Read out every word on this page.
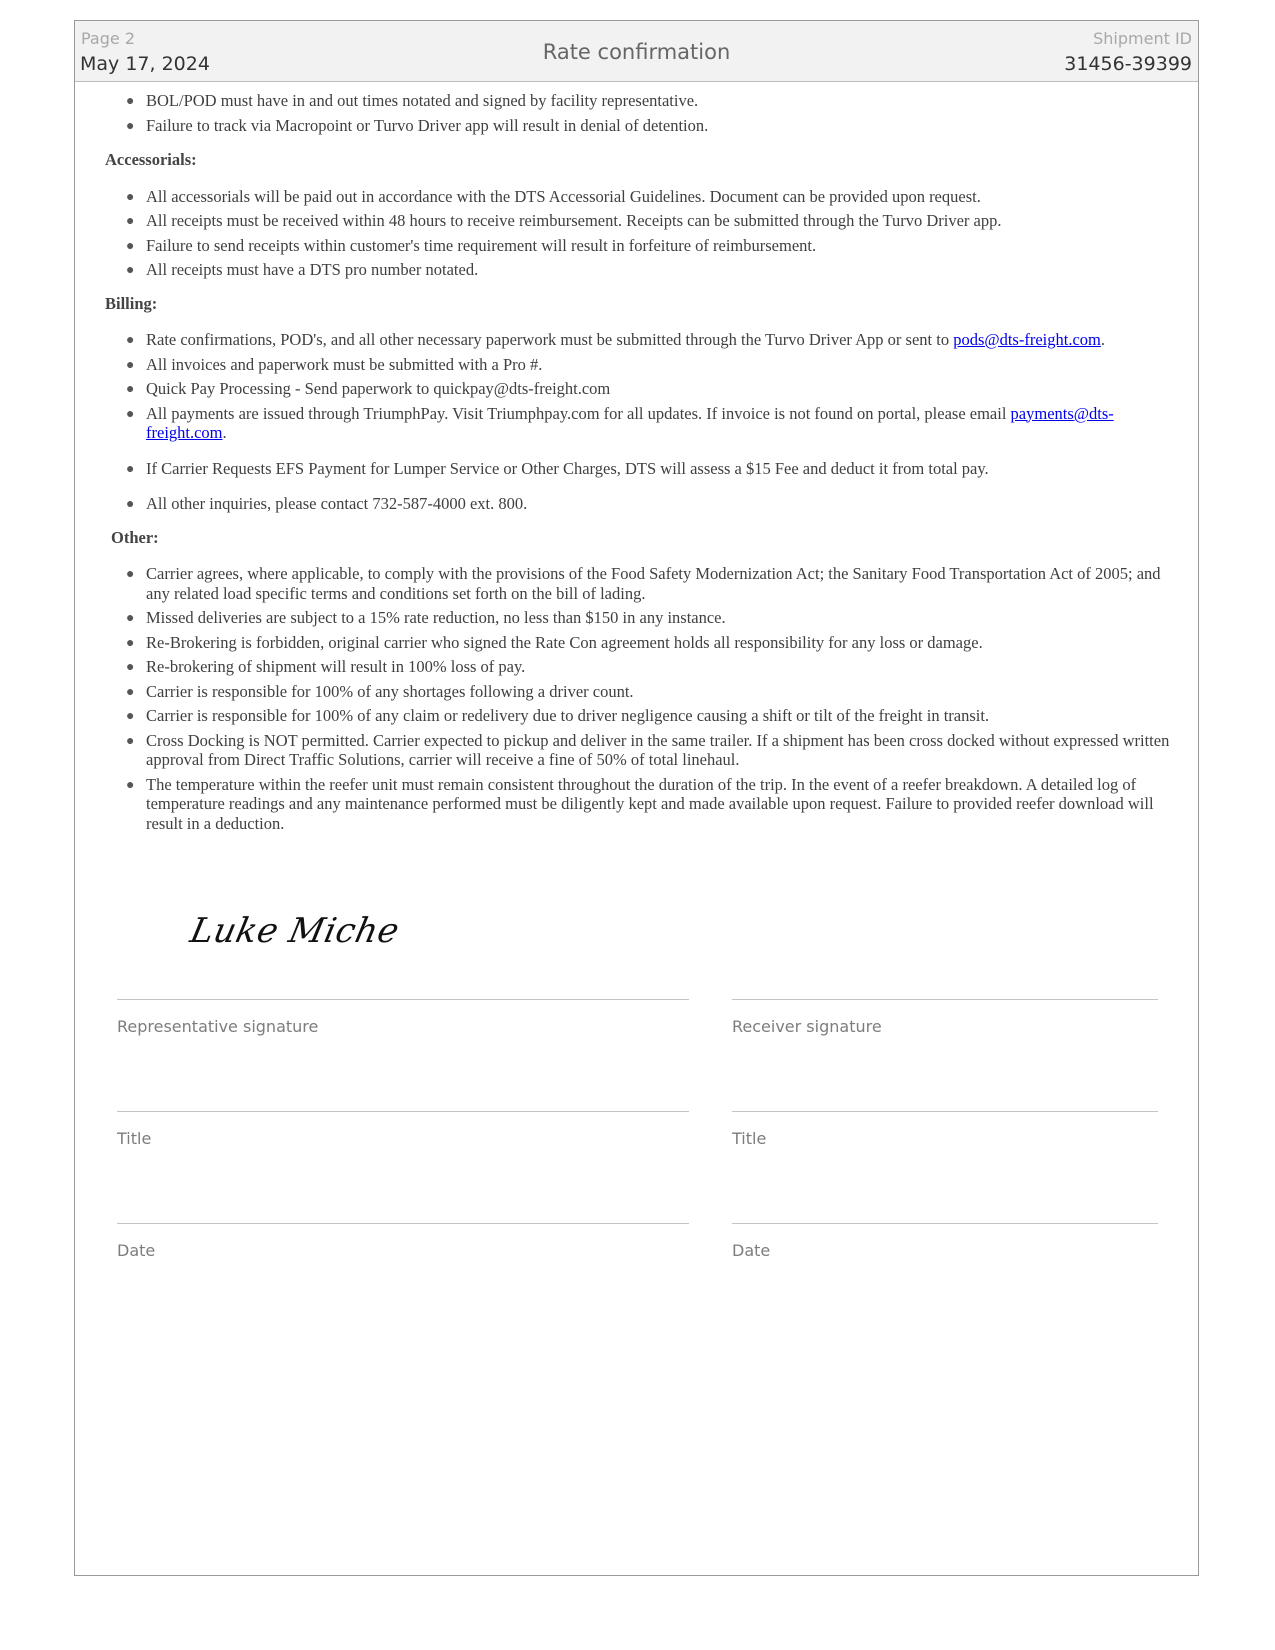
Page 2
May 17, 2024	Rate confirmation
Shipment ID
31456-39399
● BOL/POD must have in and out times notated and signed by facility representative.
● Failure to track via Macropoint or Turvo Driver app will result in denial of detention.

Accessorials:

● All accessorials will be paid out in accordance with the DTS Accessorial Guidelines. Document can be provided upon request.
● All receipts must be received within 48 hours to receive reimbursement. Receipts can be submitted through the Turvo Driver app.
● Failure to send receipts within customer's time requirement will result in forfeiture of reimbursement.
● All receipts must have a DTS pro number notated.

Billing:

● Rate confirmations, POD's, and all other necessary paperwork must be submitted through the Turvo Driver App or sent to pods@dts-freight.com.
● All invoices and paperwork must be submitted with a Pro #.
● Quick Pay Processing - Send paperwork to quickpay@dts-freight.com
● All payments are issued through TriumphPay. Visit Triumphpay.com for all updates. If invoice is not found on portal, please email payments@dts-freight.com.
● If Carrier Requests EFS Payment for Lumper Service or Other Charges, DTS will assess a $15 Fee and deduct it from total pay.
● All other inquiries, please contact 732-587-4000 ext. 800.

Other:

● Carrier agrees, where applicable, to comply with the provisions of the Food Safety Modernization Act; the Sanitary Food Transportation Act of 2005; and any related load specific terms and conditions set forth on the bill of lading.
● Missed deliveries are subject to a 15% rate reduction, no less than $150 in any instance.
● Re-Brokering is forbidden, original carrier who signed the Rate Con agreement holds all responsibility for any loss or damage.
● Re-brokering of shipment will result in 100% loss of pay.
● Carrier is responsible for 100% of any shortages following a driver count.
● Carrier is responsible for 100% of any claim or redelivery due to driver negligence causing a shift or tilt of the freight in transit.
● Cross Docking is NOT permitted. Carrier expected to pickup and deliver in the same trailer. If a shipment has been cross docked without expressed written approval from Direct Traffic Solutions, carrier will receive a fine of 50% of total linehaul.
● The temperature within the reefer unit must remain consistent throughout the duration of the trip. In the event of a reefer breakdown. A detailed log of temperature readings and any maintenance performed must be diligently kept and made available upon request. Failure to provided reefer download will result in a deduction.
Luke Miche
Representative signature	Receiver signature
Title	Title
Date	Date
